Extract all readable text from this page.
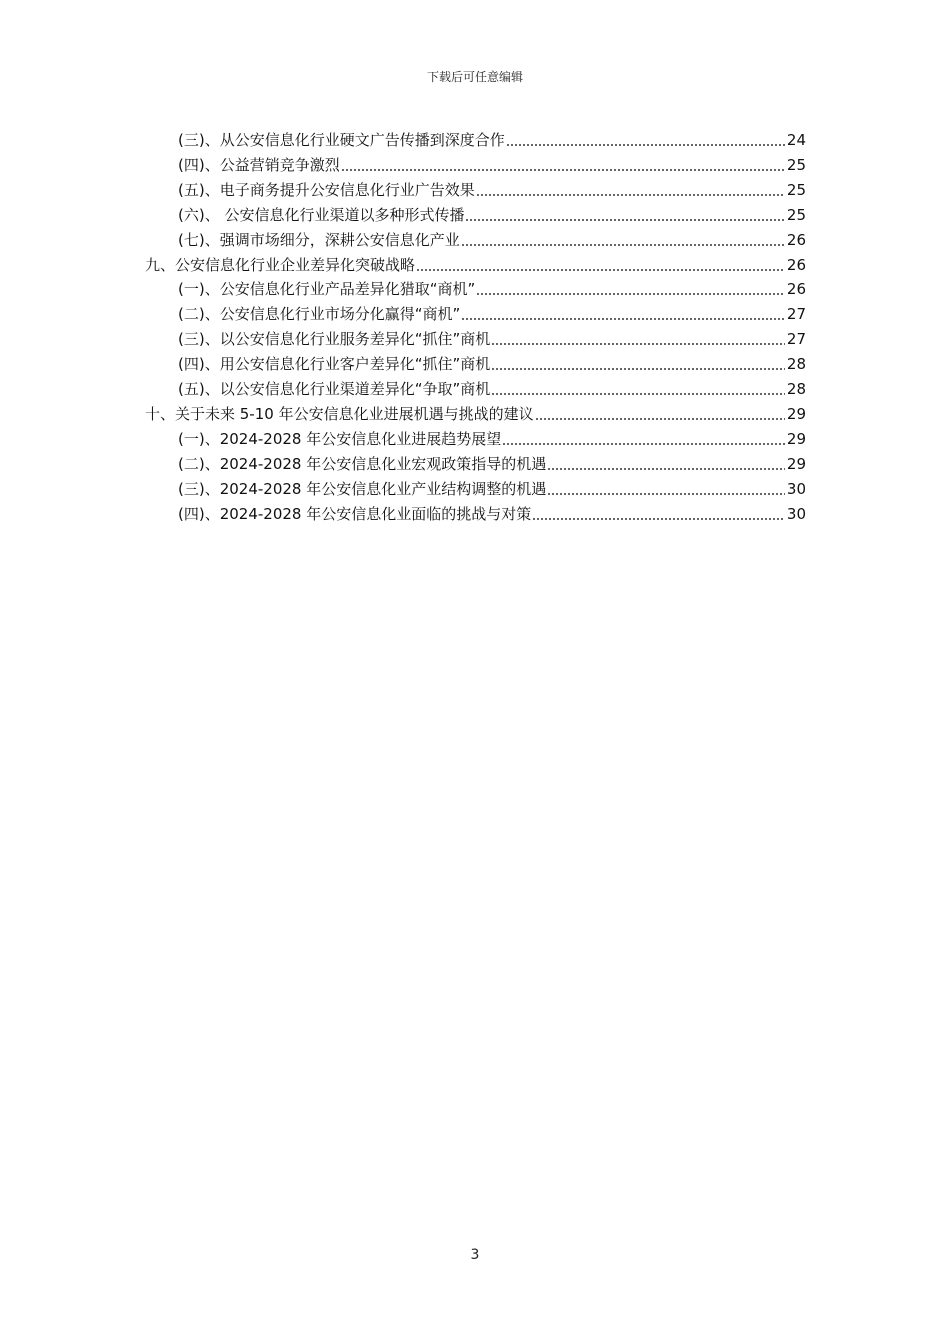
下载后可任意编辑
(三)、从公安信息化行业硬文广告传播到深度合作	24
(四)、公益营销竞争激烈	25
(五)、电子商务提升公安信息化行业广告效果	25
(六)、 公安信息化行业渠道以多种形式传播	25
(七)、强调市场细分，深耕公安信息化产业	26
九、公安信息化行业企业差异化突破战略	26
(一)、公安信息化行业产品差异化猎取“商机”	26
(二)、公安信息化行业市场分化赢得“商机”	27
(三)、以公安信息化行业服务差异化“抓住”商机	27
(四)、用公安信息化行业客户差异化“抓住”商机	28
(五)、以公安信息化行业渠道差异化“争取”商机	28
十、关于未来 5-10 年公安信息化业进展机遇与挑战的建议	29
(一)、2024-2028 年公安信息化业进展趋势展望	29
(二)、2024-2028 年公安信息化业宏观政策指导的机遇	29
(三)、2024-2028 年公安信息化业产业结构调整的机遇	30
(四)、2024-2028 年公安信息化业面临的挑战与对策	30
3
